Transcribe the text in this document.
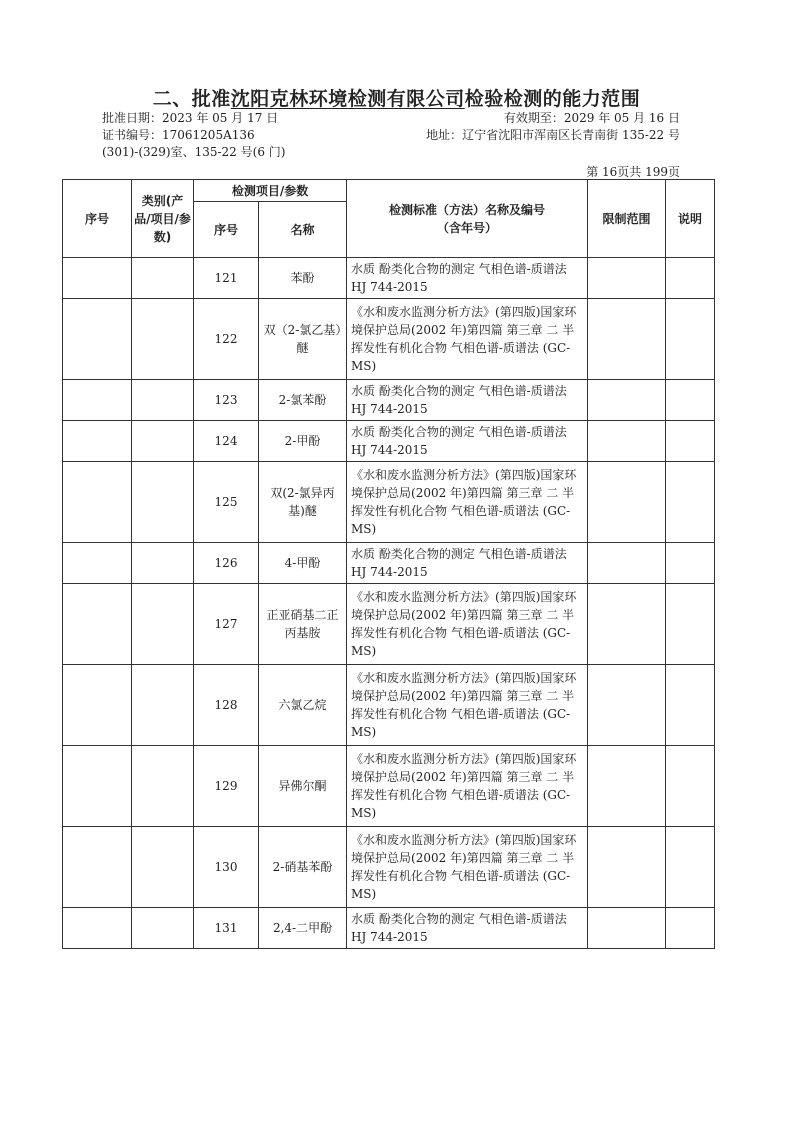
二、批准沈阳克林环境检测有限公司检验检测的能力范围
批准日期：2023 年 05 月 17 日	有效期至：2029 年 05 月 16 日
证书编号：17061205A136	地址：辽宁省沈阳市浑南区长青南街 135-22 号
(301)-(329)室、135-22 号(6 门)
第 16页共 199页
序号	类别(产品/项目/参数)	检测项目/参数		检测标准（方法）名称及编号（含年号）	限制范围	说明
		序号	名称			
		121	苯酚	水质 酚类化合物的测定 气相色谱-质谱法 HJ 744-2015		
		122	双（2-氯乙基）醚	《水和废水监测分析方法》(第四版)国家环境保护总局(2002 年)第四篇 第三章 二 半挥发性有机化合物 气相色谱-质谱法 (GC-MS)		
		123	2-氯苯酚	水质 酚类化合物的测定 气相色谱-质谱法 HJ 744-2015		
		124	2-甲酚	水质 酚类化合物的测定 气相色谱-质谱法 HJ 744-2015		
		125	双(2-氯异丙基)醚	《水和废水监测分析方法》(第四版)国家环境保护总局(2002 年)第四篇 第三章 二 半挥发性有机化合物 气相色谱-质谱法 (GC-MS)		
		126	4-甲酚	水质 酚类化合物的测定 气相色谱-质谱法 HJ 744-2015		
		127	正亚硝基二正丙基胺	《水和废水监测分析方法》(第四版)国家环境保护总局(2002 年)第四篇 第三章 二 半挥发性有机化合物 气相色谱-质谱法 (GC-MS)		
		128	六氯乙烷	《水和废水监测分析方法》(第四版)国家环境保护总局(2002 年)第四篇 第三章 二 半挥发性有机化合物 气相色谱-质谱法 (GC-MS)		
		129	异佛尔酮	《水和废水监测分析方法》(第四版)国家环境保护总局(2002 年)第四篇 第三章 二 半挥发性有机化合物 气相色谱-质谱法 (GC-MS)		
		130	2-硝基苯酚	《水和废水监测分析方法》(第四版)国家环境保护总局(2002 年)第四篇 第三章 二 半挥发性有机化合物 气相色谱-质谱法 (GC-MS)		
		131	2,4-二甲酚	水质 酚类化合物的测定 气相色谱-质谱法 HJ 744-2015		
